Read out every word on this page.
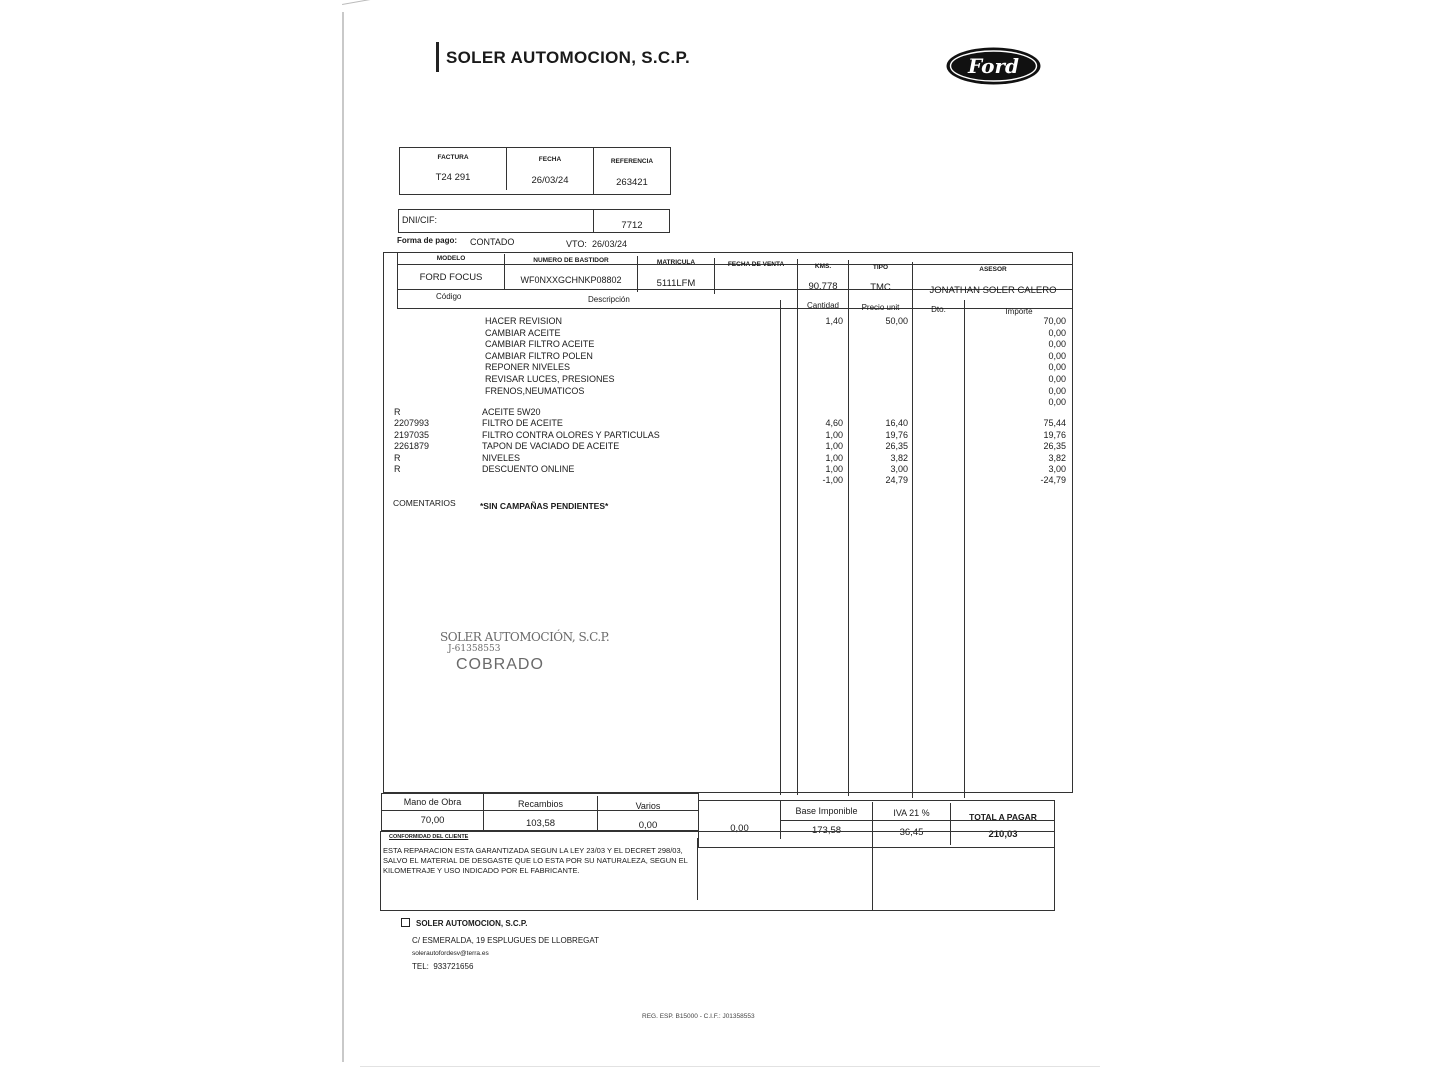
SOLER AUTOMOCION, S.C.P.	Ford
FACTURA
T24 291
FECHA
26/03/24
REFERENCIA
263421
DNI/CIF:	7712
Forma de pago: CONTADO	VTO: 26/03/24
MODELO
FORD FOCUS
NUMERO DE BASTIDOR
WF0NXXGCHNKP08802
MATRICULA
5111LFM
FECHA DE VENTA	KMS.
90.778
TIPO
TMC
ASESOR
JONATHAN SOLER CALERO
Código	Descripción
Cantidad	Precio unit	Dto.	Importe
HACER REVISION	1,40	50,00	70,00
CAMBIAR ACEITE	0,00
CAMBIAR FILTRO ACEITE	0,00
CAMBIAR FILTRO POLEN	0,00
REPONER NIVELES	0,00
REVISAR LUCES, PRESIONES	0,00
FRENOS,NEUMATICOS	0,00
0,00
R	ACEITE 5W20
2207993	FILTRO DE ACEITE	4,60	16,40	75,44
2197035	FILTRO CONTRA OLORES Y PARTICULAS	1,00	19,76	19,76
2261879	TAPON DE VACIADO DE ACEITE	1,00	26,35	26,35
R	NIVELES	1,00	3,82	3,82
R	DESCUENTO ONLINE	1,00	3,00	3,00
-1,00	24,79	-24,79
COMENTARIOS	*SIN CAMPAÑAS PENDIENTES*
SOLER AUTOMOCIÓN, S.C.P.
J-61358553
COBRADO
Mano de Obra
70,00
Recambios
103,58
Varios
0,00	0,00
Base Imponible
173,58
IVA 21 %
36,45
TOTAL A PAGAR
210,03
CONFORMIDAD DEL CLIENTE
ESTA REPARACION ESTA GARANTIZADA SEGUN LA LEY 23/03 Y EL DECRET 298/03, SALVO EL MATERIAL DE DESGASTE QUE LO ESTA POR SU NATURALEZA, SEGUN EL KILOMETRAJE Y USO INDICADO POR EL FABRICANTE.
SOLER AUTOMOCION, S.C.P.
C/ ESMERALDA, 19 ESPLUGUES DE LLOBREGAT
solerautofordesv@terra.es
TEL: 933721656
REG. ESP. B15000 - C.I.F.: J01358553
